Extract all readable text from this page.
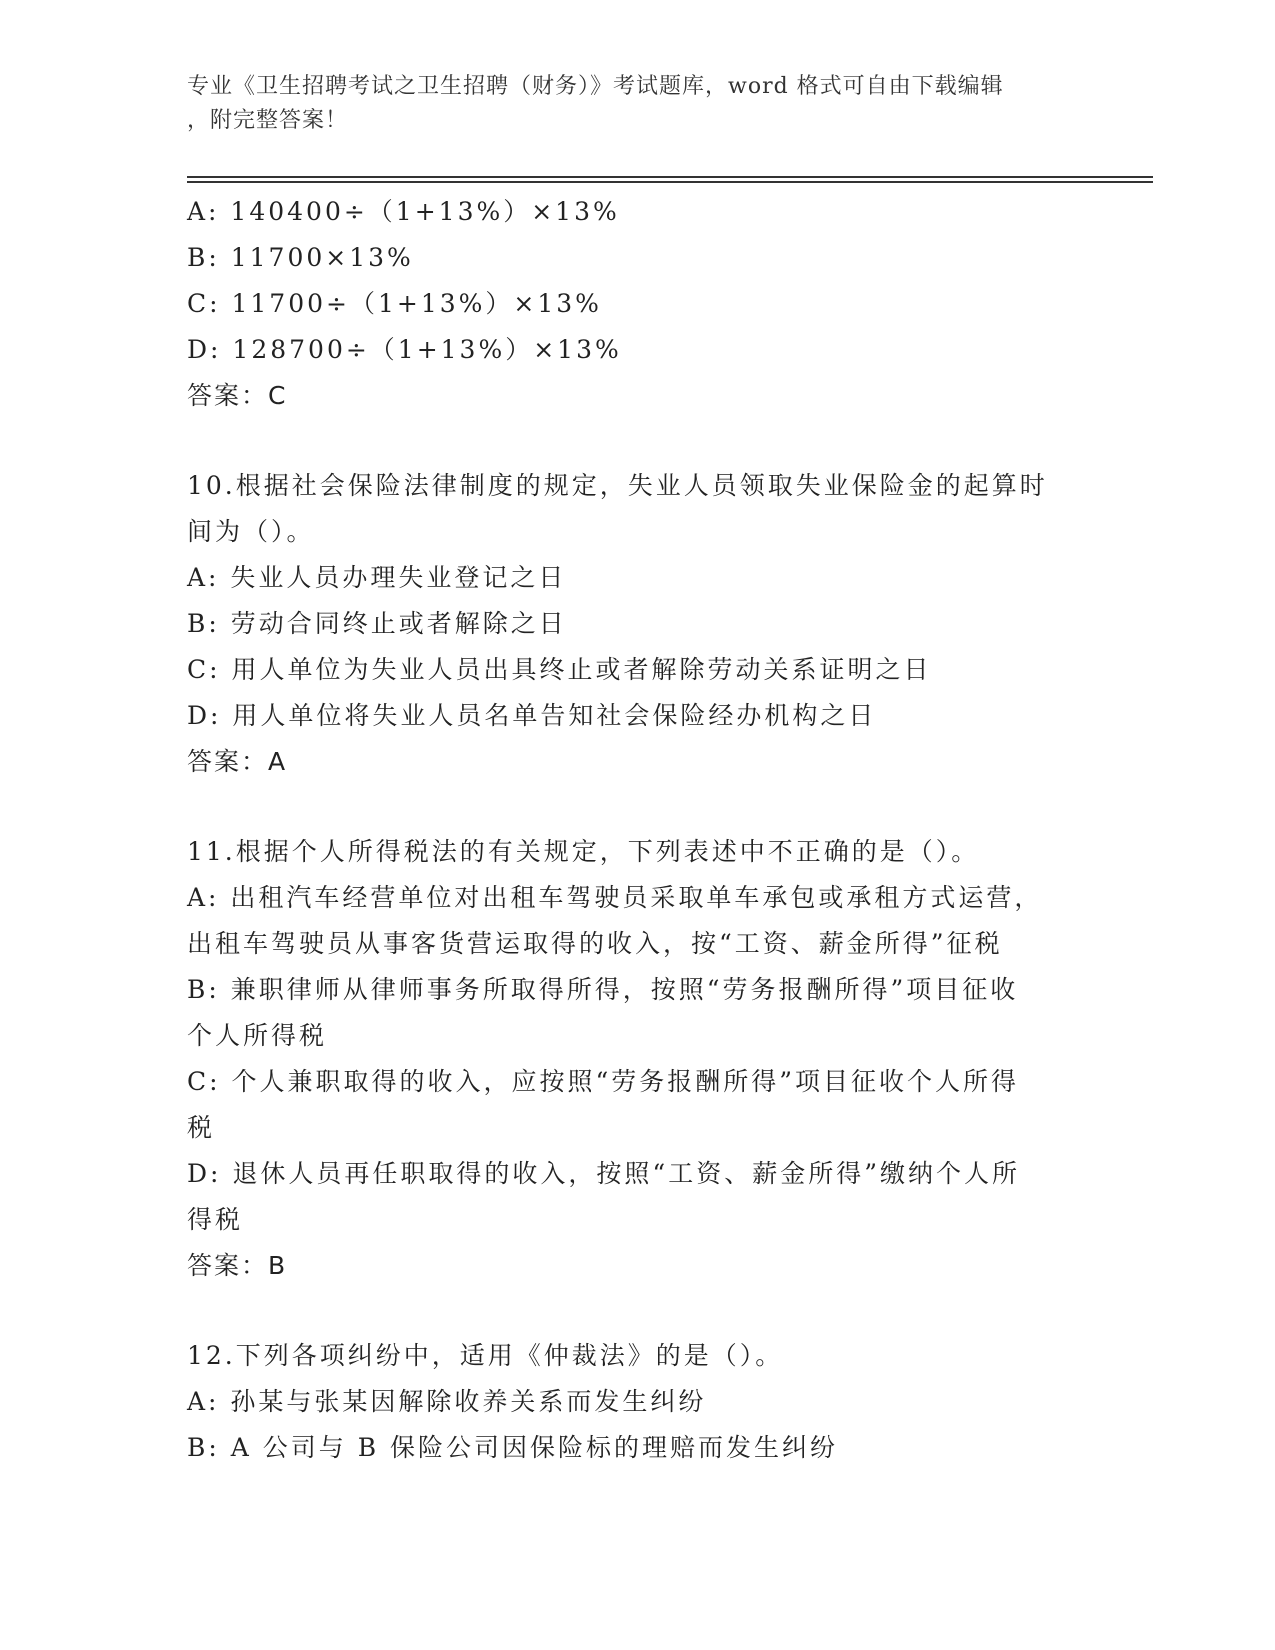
专业《卫生招聘考试之卫生招聘（财务）》考试题库，word 格式可自由下载编辑
，附完整答案！
A: 140400÷（1+13%）×13%
B: 11700×13%
C: 11700÷（1+13%）×13%
D: 128700÷（1+13%）×13%
答案：C
10.根据社会保险法律制度的规定，失业人员领取失业保险金的起算时
间为（）。
A: 失业人员办理失业登记之日
B: 劳动合同终止或者解除之日
C: 用人单位为失业人员出具终止或者解除劳动关系证明之日
D: 用人单位将失业人员名单告知社会保险经办机构之日
答案：A
11.根据个人所得税法的有关规定，下列表述中不正确的是（）。
A: 出租汽车经营单位对出租车驾驶员采取单车承包或承租方式运营，
出租车驾驶员从事客货营运取得的收入，按“工资、薪金所得”征税
B: 兼职律师从律师事务所取得所得，按照“劳务报酬所得”项目征收
个人所得税
C: 个人兼职取得的收入，应按照“劳务报酬所得”项目征收个人所得
税
D: 退休人员再任职取得的收入，按照“工资、薪金所得”缴纳个人所
得税
答案：B
12.下列各项纠纷中，适用《仲裁法》的是（）。
A: 孙某与张某因解除收养关系而发生纠纷
B: A 公司与 B 保险公司因保险标的理赔而发生纠纷
